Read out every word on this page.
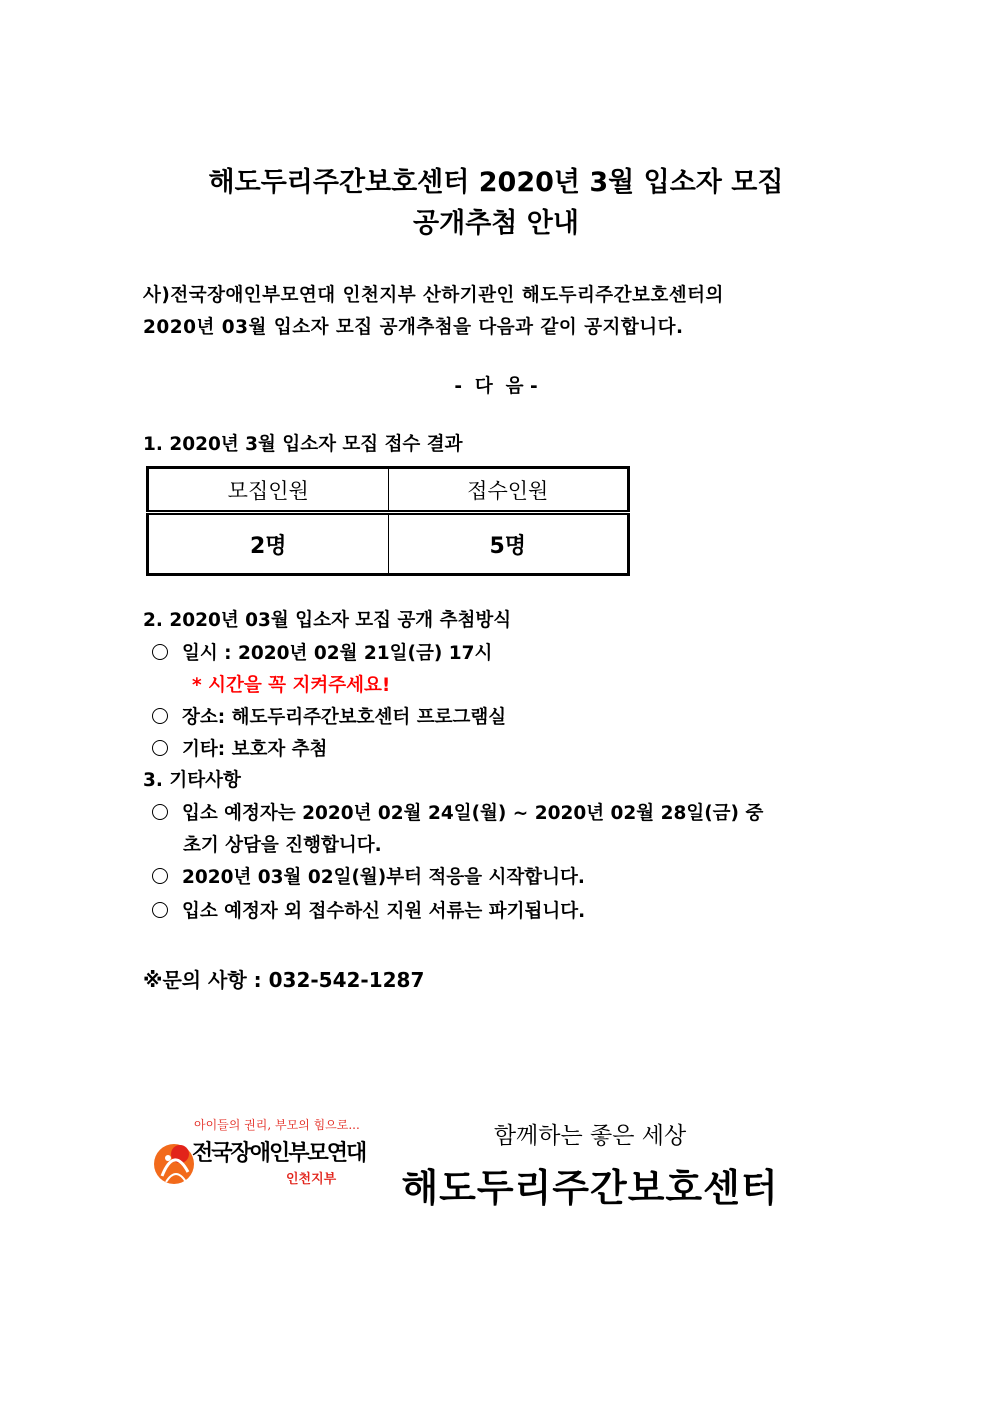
해도두리주간보호센터 2020년 3월 입소자 모집
공개추첨 안내
사)전국장애인부모연대 인천지부 산하기관인 해도두리주간보호센터의
2020년 03월 입소자 모집 공개추첨을 다음과 같이 공지합니다.
-  다  음 -
1. 2020년 3월 입소자 모집 접수 결과
모집인원	접수인원
2명	5명
2. 2020년 03월 입소자 모집 공개 추첨방식
일시 : 2020년 02월 21일(금) 17시
* 시간을 꼭 지켜주세요!
장소: 해도두리주간보호센터 프로그램실
기타: 보호자 추첨
3. 기타사항
입소 예정자는 2020년 02월 24일(월) ~ 2020년 02월 28일(금) 중
초기 상담을 진행합니다.
2020년 03월 02일(월)부터 적응을 시작합니다.
입소 예정자 외 접수하신 지원 서류는 파기됩니다.
※문의 사항 : 032-542-1287
아이들의 권리, 부모의 힘으로...
전국장애인부모연대
인천지부
함께하는 좋은 세상
해도두리주간보호센터
